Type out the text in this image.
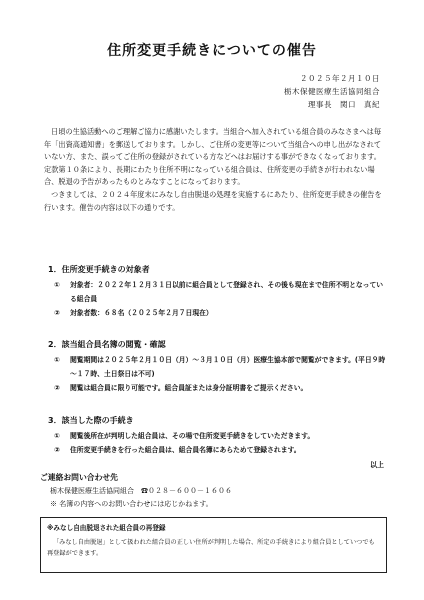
住所変更手続きについての催告
２０２５年２月１０日
栃木保健医療生活協同組合
理事長　関口　真紀

日頃の生協活動へのご理解ご協力に感謝いたします。当組合へ加入されている組合員のみなさまへは毎年「出資高通知書」を郵送しております。しかし、ご住所の変更等について当組合への申し出がなされていない方、また、誤ってご住所の登録がされている方などへはお届けする事ができなくなっております。定款第１０条により、長期にわたり住所不明になっている組合員は、住所変更の手続きが行われない場合、脱退の予告があったものとみなすことになっております。

つきましては、２０２４年度末にみなし自由脱退の処理を実施するにあたり、住所変更手続きの催告を行います。催告の内容は以下の通りです。

1．住所変更手続きの対象者
① 対象者：２０２２年１２月３１日以前に組合員として登録され、その後も現在まで住所不明となっている組合員
② 対象者数：６８名（２０２５年２月７日現在）
2．該当組合員名簿の閲覧・確認
① 閲覧期間は２０２５年２月１０日（月）～３月１０日（月）医療生協本部で閲覧ができます。(平日９時～１７時、土日祭日は不可)
② 閲覧は組合員に限り可能です。組合員証または身分証明書をご提示ください。
3．該当した際の手続き
① 閲覧後所在が判明した組合員は、その場で住所変更手続きをしていただきます。
② 住所変更手続きを行った組合員は、組合員名簿にあらためて登録されます。
以上
ご連絡お問い合わせ先
栃木保健医療生活協同組合　☎０２８－６００－１６０６
※ 名簿の内容へのお問い合わせには応じかねます。
※みなし自由脱退された組合員の再登録
「みなし自由脱退」として扱われた組合員の正しい住所が判明した場合、所定の手続きにより組合員としていつでも再登録ができます。
